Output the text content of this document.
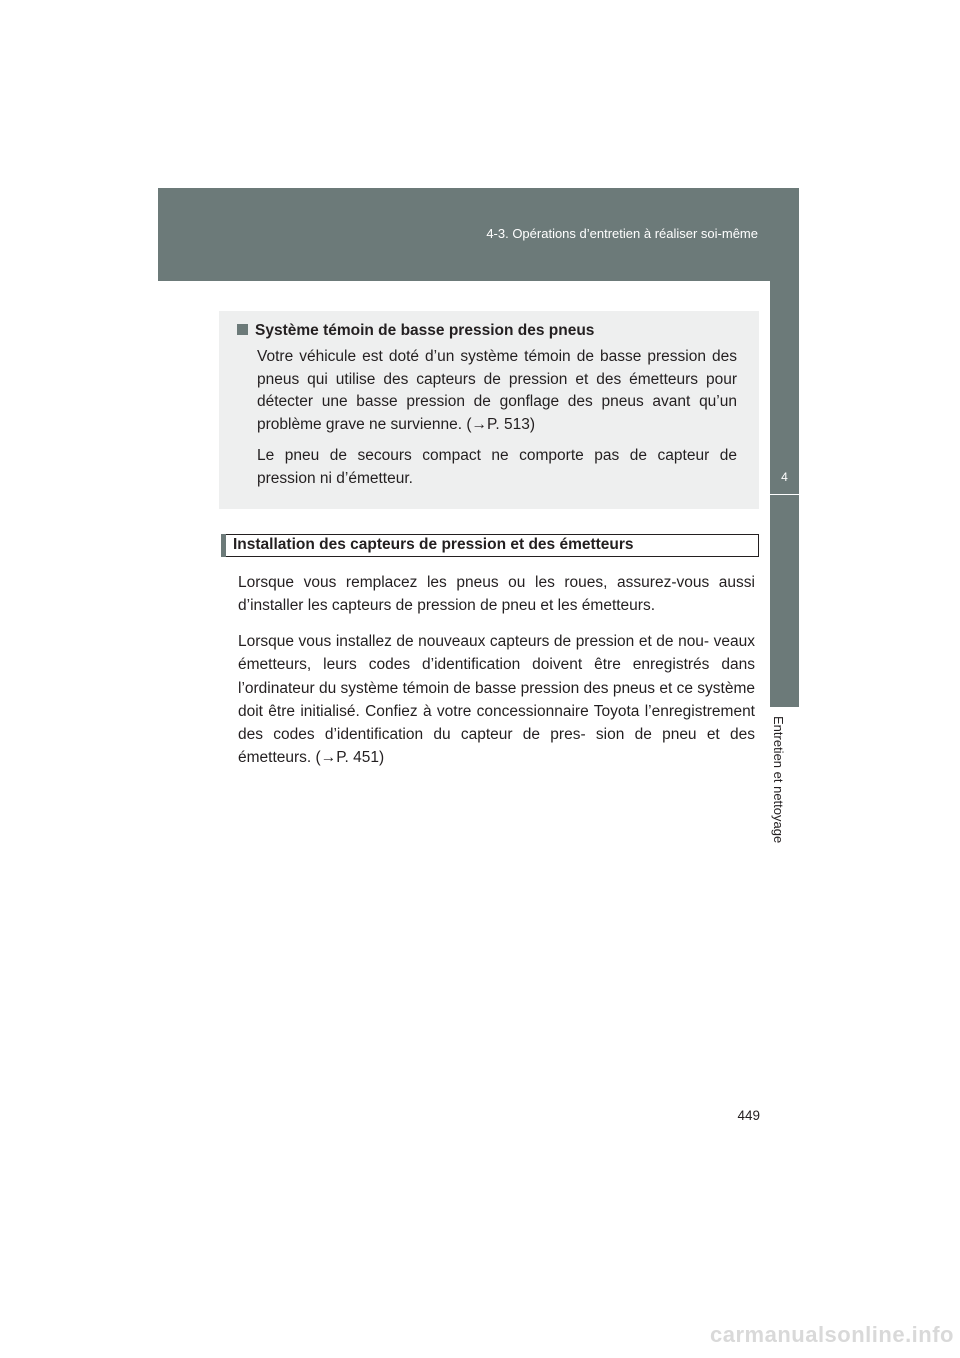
4-3. Opérations d’entretien à réaliser soi-même
4
Entretien et nettoyage
Système témoin de basse pression des pneus
Votre véhicule est doté d’un système témoin de basse pression des pneus qui utilise des capteurs de pression et des émetteurs pour détecter une basse pression de gonflage des pneus avant qu’un problème grave ne survienne. (→P. 513)
Le pneu de secours compact ne comporte pas de capteur de pression ni d’émetteur.
Installation des capteurs de pression et des émetteurs
Lorsque vous remplacez les pneus ou les roues, assurez-vous aussi d’installer les capteurs de pression de pneu et les émetteurs.
Lorsque vous installez de nouveaux capteurs de pression et de nou- veaux émetteurs, leurs codes d’identification doivent être enregistrés dans l’ordinateur du système témoin de basse pression des pneus et ce système doit être initialisé. Confiez à votre concessionnaire Toyota l’enregistrement des codes d’identification du capteur de pres- sion de pneu et des émetteurs. (→P. 451)
449
carmanualsonline.info
